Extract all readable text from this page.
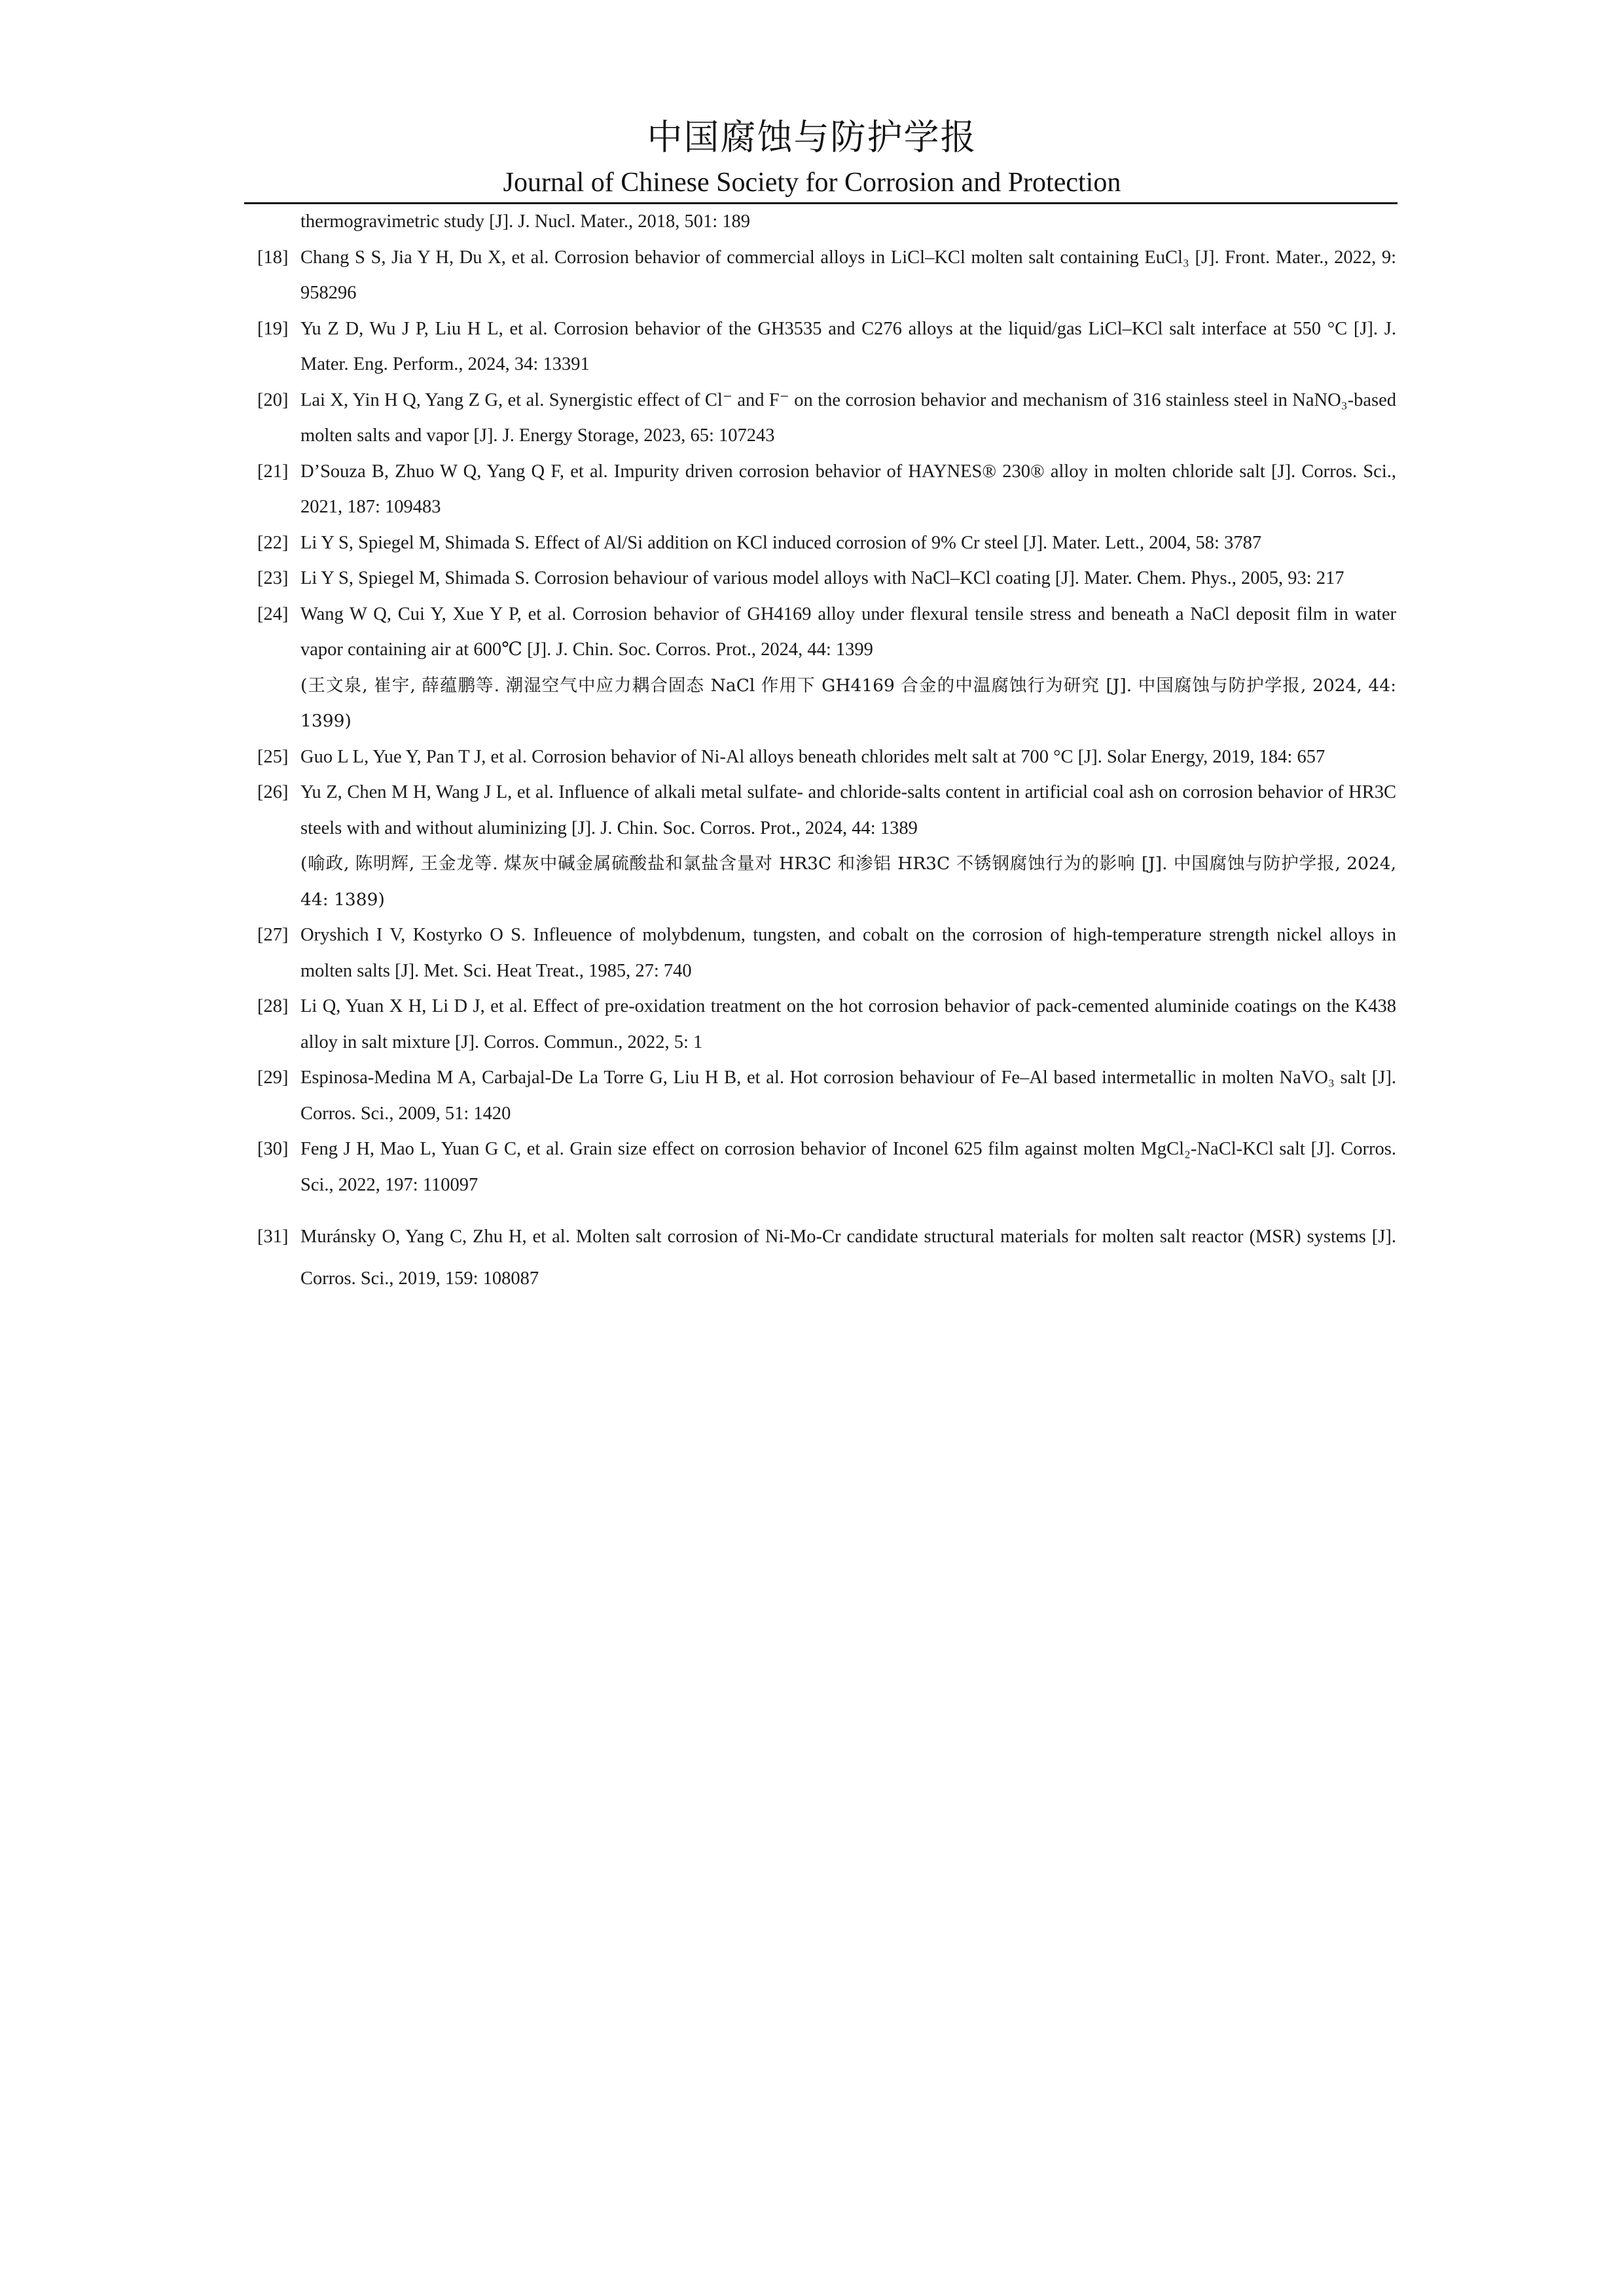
中国腐蚀与防护学报
Journal of Chinese Society for Corrosion and Protection

thermogravimetric study [J]. J. Nucl. Mater., 2018, 501: 189

[18] Chang S S, Jia Y H, Du X, et al. Corrosion behavior of commercial alloys in LiCl–KCl molten salt containing EuCl₃ [J]. Front. Mater., 2022, 9: 958296

[19] Yu Z D, Wu J P, Liu H L, et al. Corrosion behavior of the GH3535 and C276 alloys at the liquid/gas LiCl–KCl salt interface at 550 °C [J]. J. Mater. Eng. Perform., 2024, 34: 13391

[20] Lai X, Yin H Q, Yang Z G, et al. Synergistic effect of Cl⁻ and F⁻ on the corrosion behavior and mechanism of 316 stainless steel in NaNO₃-based molten salts and vapor [J]. J. Energy Storage, 2023, 65: 107243

[21] D’Souza B, Zhuo W Q, Yang Q F, et al. Impurity driven corrosion behavior of HAYNES® 230® alloy in molten chloride salt [J]. Corros. Sci., 2021, 187: 109483

[22] Li Y S, Spiegel M, Shimada S. Effect of Al/Si addition on KCl induced corrosion of 9% Cr steel [J]. Mater. Lett., 2004, 58: 3787

[23] Li Y S, Spiegel M, Shimada S. Corrosion behaviour of various model alloys with NaCl–KCl coating [J]. Mater. Chem. Phys., 2005, 93: 217

[24] Wang W Q, Cui Y, Xue Y P, et al. Corrosion behavior of GH4169 alloy under flexural tensile stress and beneath a NaCl deposit film in water vapor containing air at 600℃ [J]. J. Chin. Soc. Corros. Prot., 2024, 44: 1399

(王文泉, 崔宇, 薛蕴鹏等. 潮湿空气中应力耦合固态 NaCl 作用下 GH4169 合金的中温腐蚀行为研究 [J]. 中国腐蚀与防护学报, 2024, 44: 1399)

[25] Guo L L, Yue Y, Pan T J, et al. Corrosion behavior of Ni-Al alloys beneath chlorides melt salt at 700 °C [J]. Solar Energy, 2019, 184: 657

[26] Yu Z, Chen M H, Wang J L, et al. Influence of alkali metal sulfate- and chloride-salts content in artificial coal ash on corrosion behavior of HR3C steels with and without aluminizing [J]. J. Chin. Soc. Corros. Prot., 2024, 44: 1389

(喻政, 陈明辉, 王金龙等. 煤灰中碱金属硫酸盐和氯盐含量对 HR3C 和渗铝 HR3C 不锈钢腐蚀行为的影响 [J]. 中国腐蚀与防护学报, 2024, 44: 1389)

[27] Oryshich I V, Kostyrko O S. Infleuence of molybdenum, tungsten, and cobalt on the corrosion of high-temperature strength nickel alloys in molten salts [J]. Met. Sci. Heat Treat., 1985, 27: 740

[28] Li Q, Yuan X H, Li D J, et al. Effect of pre-oxidation treatment on the hot corrosion behavior of pack-cemented aluminide coatings on the K438 alloy in salt mixture [J]. Corros. Commun., 2022, 5: 1

[29] Espinosa-Medina M A, Carbajal-De La Torre G, Liu H B, et al. Hot corrosion behaviour of Fe–Al based intermetallic in molten NaVO₃ salt [J]. Corros. Sci., 2009, 51: 1420

[30] Feng J H, Mao L, Yuan G C, et al. Grain size effect on corrosion behavior of Inconel 625 film against molten MgCl₂-NaCl-KCl salt [J]. Corros. Sci., 2022, 197: 110097

[31] Muránsky O, Yang C, Zhu H, et al. Molten salt corrosion of Ni-Mo-Cr candidate structural materials for molten salt reactor (MSR) systems [J]. Corros. Sci., 2019, 159: 108087
